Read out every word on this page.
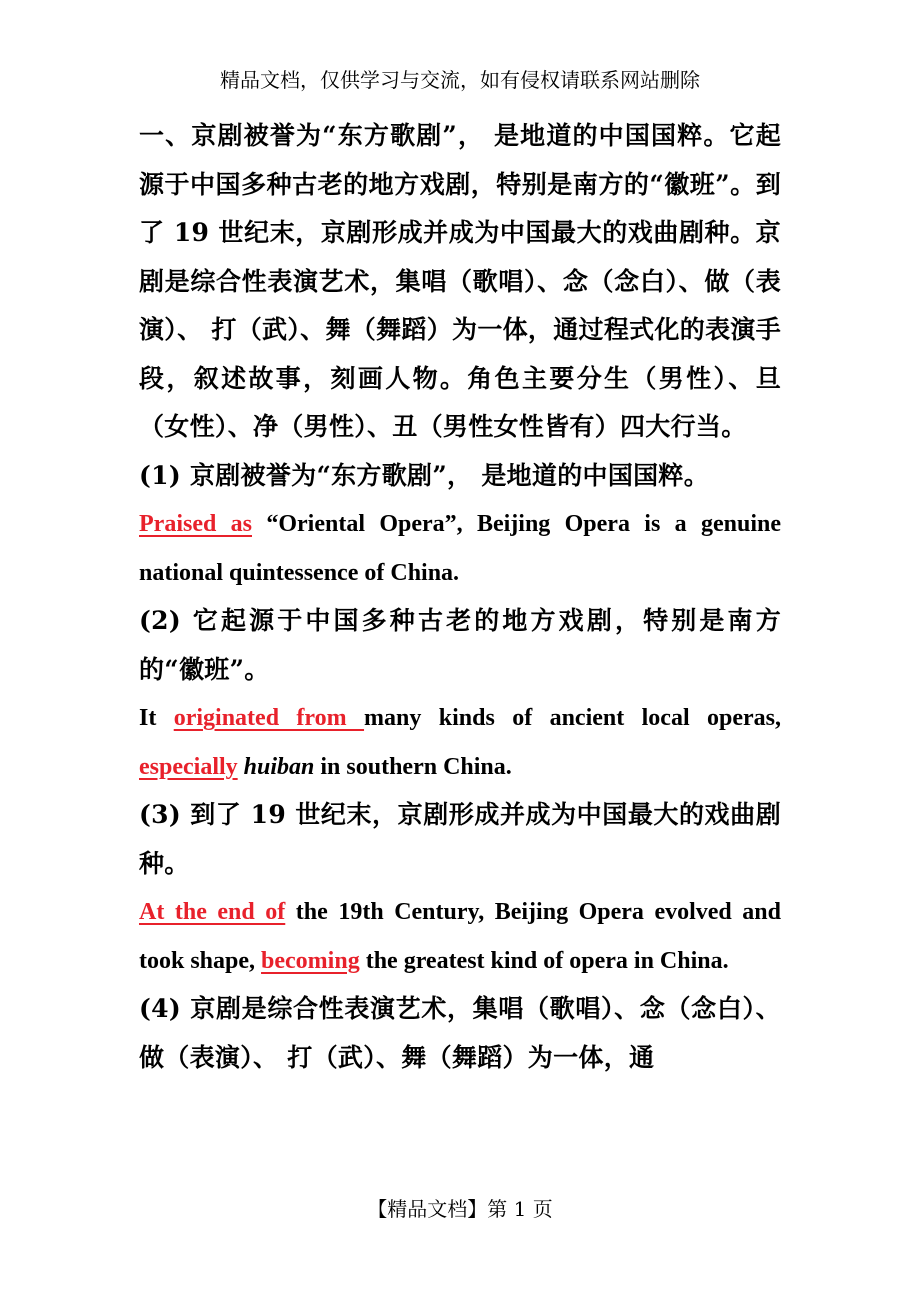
精品文档，仅供学习与交流，如有侵权请联系网站删除

一、京剧被誉为“东方歌剧”， 是地道的中国国粹。它起源于中国多种古老的地方戏剧，特别是南方的“徽班”。到了 19 世纪末，京剧形成并成为中国最大的戏曲剧种。京剧是综合性表演艺术，集唱（歌唱）、念（念白）、做（表演）、 打（武）、舞（舞蹈）为一体，通过程式化的表演手段，叙述故事，刻画人物。角色主要分生（男性）、旦（女性）、净（男性）、丑（男性女性皆有）四大行当。

(1) 京剧被誉为“东方歌剧”， 是地道的中国国粹。

Praised as “Oriental Opera”, Beijing Opera is a genuine national quintessence of China.

(2) 它起源于中国多种古老的地方戏剧，特别是南方的“徽班”。

It originated from many kinds of ancient local operas, especially huiban in southern China.

(3) 到了 19 世纪末，京剧形成并成为中国最大的戏曲剧种。

At the end of the 19th Century, Beijing Opera evolved and took shape, becoming the greatest kind of opera in China.

(4) 京剧是综合性表演艺术，集唱（歌唱）、念（念白）、做（表演）、 打（武）、舞（舞蹈）为一体，通

【精品文档】第 1 页
